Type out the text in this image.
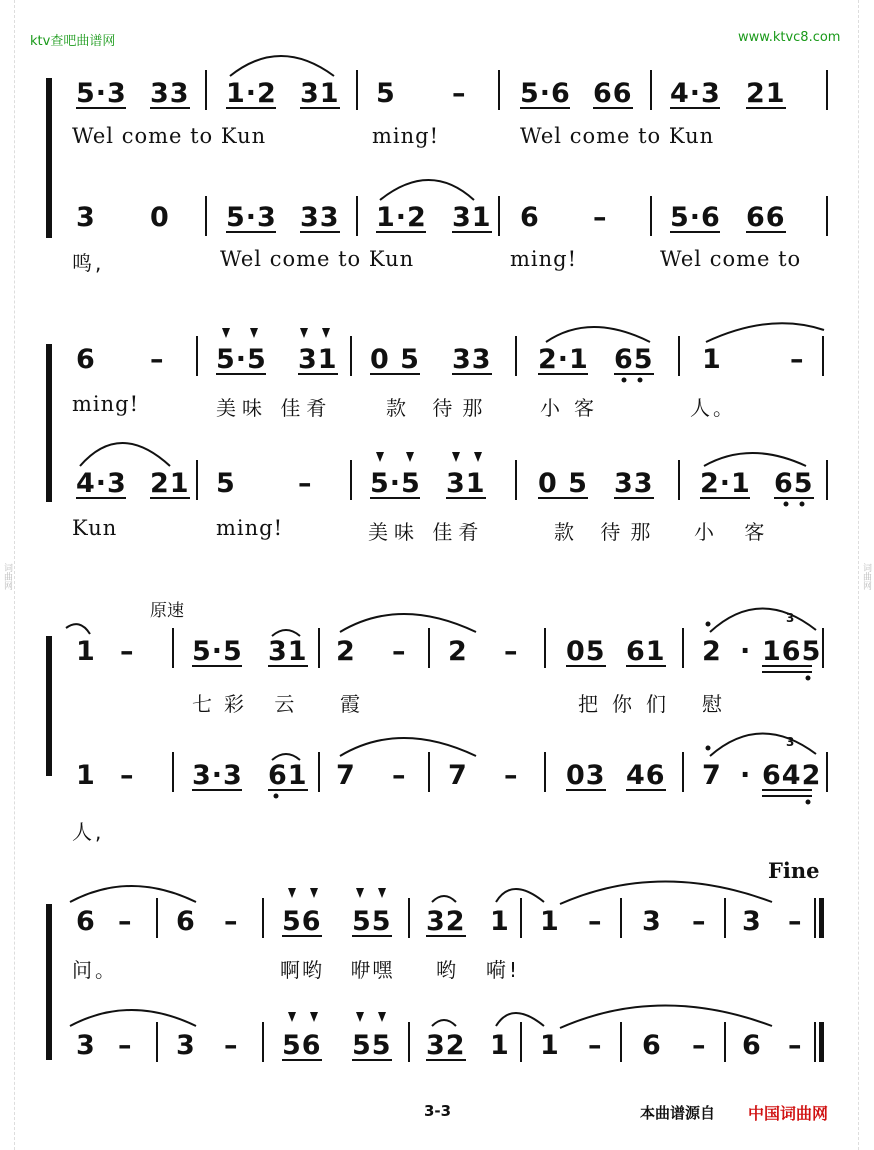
词曲网	词曲网
ktv查吧曲谱网	www.ktvc8.com
5·3 33 1·2 31 5 – 5·6 66 4·3 21
Wel come to Kun	ming!	Wel come to Kun
3 0 5·3 33 1·2 31 6 – 5·6 66
鸣,	Wel come to Kun	ming!	Wel come to
6 – 5·5 31 0 5 33 2·1 65 1	–
ming!	美味 佳肴	款 待那 小客	人。
4·3 21 5 – 5·5 31 0 5 33 2·1 65
Kun	ming!	美味 佳肴	款 待那 小 客
原速
1 – 5·5 31 2 – 2 – 05 61 2 · 165
七彩 云 霞	把你们 慰
1 – 3·3 61 7 – 7 – 03 46 7 · 642
人,
Fine
6 – 6 – 56 55 32 1 1 – 3 – 3 –
问。	啊哟 咿嘿 哟 嗬!
3 – 3 – 56 55 32 1 1 – 6 – 6 –
3
3
3-3	本曲谱源自 中国词曲网
